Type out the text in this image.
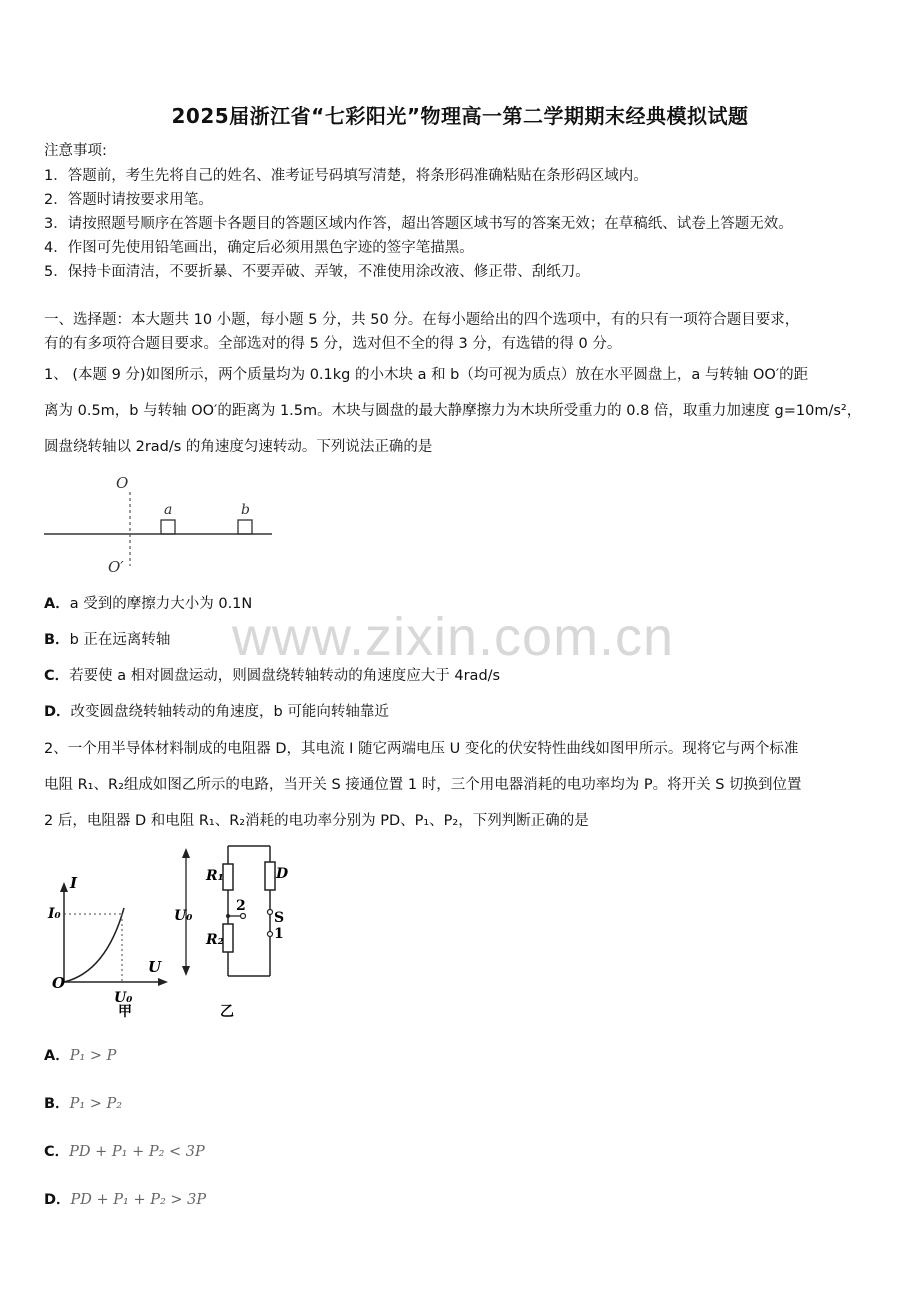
2025届浙江省“七彩阳光”物理高一第二学期期末经典模拟试题
注意事项:
1．答题前，考生先将自己的姓名、准考证号码填写清楚，将条形码准确粘贴在条形码区域内。
2．答题时请按要求用笔。
3．请按照题号顺序在答题卡各题目的答题区域内作答，超出答题区域书写的答案无效；在草稿纸、试卷上答题无效。
4．作图可先使用铅笔画出，确定后必须用黑色字迹的签字笔描黑。
5．保持卡面清洁，不要折暴、不要弄破、弄皱，不准使用涂改液、修正带、刮纸刀。
一、选择题：本大题共 10 小题，每小题 5 分，共 50 分。在每小题给出的四个选项中，有的只有一项符合题目要求，
有的有多项符合题目要求。全部选对的得 5 分，选对但不全的得 3 分，有选错的得 0 分。
1、 (本题 9 分)如图所示，两个质量均为 0.1kg 的小木块 a 和 b（均可视为质点）放在水平圆盘上，a 与转轴 OO′的距
离为 0.5m，b 与转轴 OO′的距离为 1.5m。木块与圆盘的最大静摩擦力为木块所受重力的 0.8 倍，取重力加速度 g=10m/s²，
圆盘绕转轴以 2rad/s 的角速度匀速转动。下列说法正确的是
O
O′
a	b
A．a 受到的摩擦力大小为 0.1N
B．b 正在远离转轴
C．若要使 a 相对圆盘运动，则圆盘绕转轴转动的角速度应大于 4rad/s
D．改变圆盘绕转轴转动的角速度，b 可能向转轴靠近
www.zixin.com.cn
2、一个用半导体材料制成的电阻器 D，其电流 I 随它两端电压 U 变化的伏安特性曲线如图甲所示。现将它与两个标准
电阻 R₁、R₂组成如图乙所示的电路，当开关 S 接通位置 1 时，三个用电器消耗的电功率均为 P。将开关 S 切换到位置
2 后，电阻器 D 和电阻 R₁、R₂消耗的电功率分别为 PD、P₁、P₂，下列判断正确的是
I
U
O
I₀
U₀
甲
U₀
R₁
R₂
D
S
1
2
乙
A．𝑃₁ > 𝑃
B．𝑃₁ > 𝑃₂
C．𝑃𝐷 + 𝑃₁ + 𝑃₂ < 3𝑃
D．𝑃𝐷 + 𝑃₁ + 𝑃₂ > 3𝑃
